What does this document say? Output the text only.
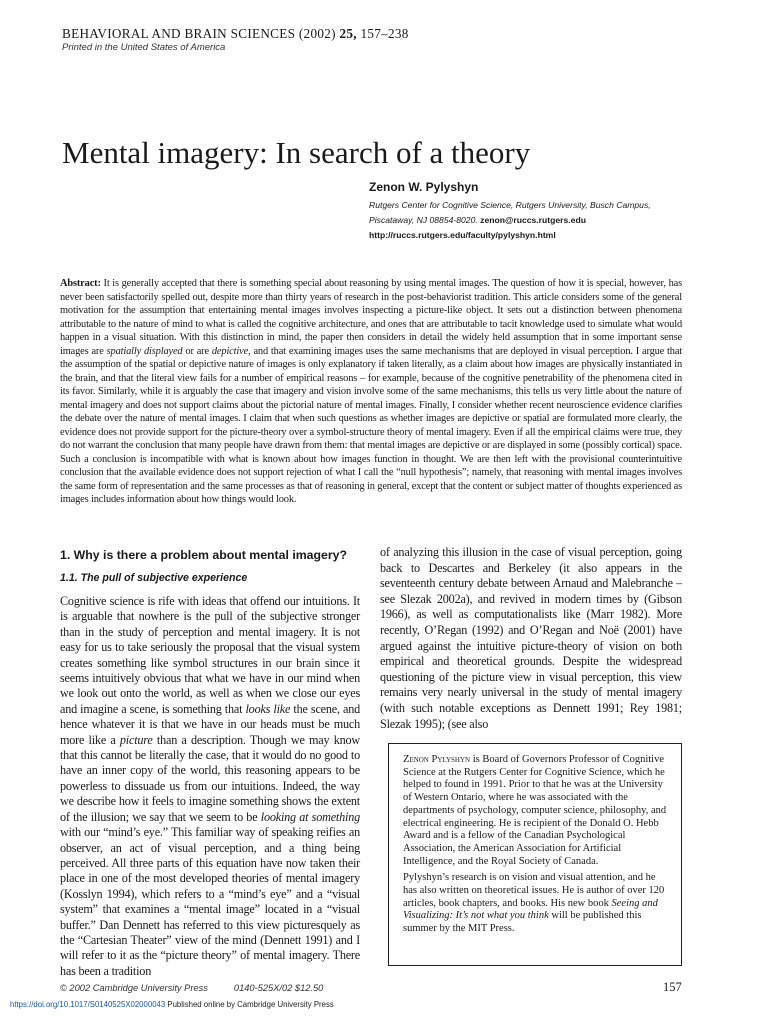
BEHAVIORAL AND BRAIN SCIENCES (2002) 25, 157–238
Printed in the United States of America
Mental imagery: In search of a theory
Zenon W. Pylyshyn
Rutgers Center for Cognitive Science, Rutgers University, Busch Campus,
Piscataway, NJ 08854-8020. zenon@ruccs.rutgers.edu
http://ruccs.rutgers.edu/faculty/pylyshyn.html

Abstract: It is generally accepted that there is something special about reasoning by using mental images. The question of how it is special, however, has never been satisfactorily spelled out, despite more than thirty years of research in the post-behaviorist tradition. This article considers some of the general motivation for the assumption that entertaining mental images involves inspecting a picture-like object. It sets out a distinction between phenomena attributable to the nature of mind to what is called the cognitive architecture, and ones that are attributable to tacit knowledge used to simulate what would happen in a visual situation. With this distinction in mind, the paper then considers in detail the widely held assumption that in some important sense images are spatially displayed or are depictive, and that examining images uses the same mechanisms that are deployed in visual perception. I argue that the assumption of the spatial or depictive nature of images is only explanatory if taken literally, as a claim about how images are physically instantiated in the brain, and that the literal view fails for a number of empirical reasons – for example, because of the cognitive penetrability of the phenomena cited in its favor. Similarly, while it is arguably the case that imagery and vision involve some of the same mechanisms, this tells us very little about the nature of mental imagery and does not support claims about the pictorial nature of mental images. Finally, I consider whether recent neuroscience evidence clarifies the debate over the nature of mental images. I claim that when such questions as whether images are depictive or spatial are formulated more clearly, the evidence does not provide support for the picture-theory over a symbol-structure theory of mental imagery. Even if all the empirical claims were true, they do not warrant the conclusion that many people have drawn from them: that mental images are depictive or are displayed in some (possibly cortical) space. Such a conclusion is incompatible with what is known about how images function in thought. We are then left with the provisional counterintuitive conclusion that the available evidence does not support rejection of what I call the “null hypothesis”; namely, that reasoning with mental images involves the same form of representation and the same processes as that of reasoning in general, except that the content or subject matter of thoughts experienced as images includes information about how things would look.

1. Why is there a problem about mental imagery?
1.1. The pull of subjective experience

Cognitive science is rife with ideas that offend our intuitions. It is arguable that nowhere is the pull of the subjective stronger than in the study of perception and mental imagery. It is not easy for us to take seriously the proposal that the visual system creates something like symbol structures in our brain since it seems intuitively obvious that what we have in our mind when we look out onto the world, as well as when we close our eyes and imagine a scene, is something that looks like the scene, and hence whatever it is that we have in our heads must be much more like a picture than a description. Though we may know that this cannot be literally the case, that it would do no good to have an inner copy of the world, this reasoning appears to be powerless to dissuade us from our intuitions. Indeed, the way we describe how it feels to imagine something shows the extent of the illusion; we say that we seem to be looking at something with our “mind’s eye.” This familiar way of speaking reifies an observer, an act of visual perception, and a thing being perceived. All three parts of this equation have now taken their place in one of the most developed theories of mental imagery (Kosslyn 1994), which refers to a “mind’s eye” and a “visual system” that examines a “mental image” located in a “visual buffer.” Dan Dennett has referred to this view picturesquely as the “Cartesian Theater” view of the mind (Dennett 1991) and I will refer to it as the “picture theory” of mental imagery. There has been a tradition

of analyzing this illusion in the case of visual perception, going back to Descartes and Berkeley (it also appears in the seventeenth century debate between Arnaud and Malebranche – see Slezak 2002a), and revived in modern times by (Gibson 1966), as well as computationalists like (Marr 1982). More recently, O’Regan (1992) and O’Regan and Noë (2001) have argued against the intuitive picture-theory of vision on both empirical and theoretical grounds. Despite the widespread questioning of the picture view in visual perception, this view remains very nearly universal in the study of mental imagery (with such notable exceptions as Dennett 1991; Rey 1981; Slezak 1995); (see also

Zenon Pylyshyn is Board of Governors Professor of Cognitive Science at the Rutgers Center for Cognitive Science, which he helped to found in 1991. Prior to that he was at the University of Western Ontario, where he was associated with the departments of psychology, computer science, philosophy, and electrical engineering. He is recipient of the Donald O. Hebb Award and is a fellow of the Canadian Psychological Association, the American Association for Artificial Intelligence, and the Royal Society of Canada.

Pylyshyn’s research is on vision and visual attention, and he has also written on theoretical issues. He is author of over 120 articles, book chapters, and books. His new book Seeing and Visualizing: It’s not what you think will be published this summer by the MIT Press.

© 2002 Cambridge University Press	0140-525X/02 $12.50	157
https://doi.org/10.1017/S0140525X02000043 Published online by Cambridge University Press
